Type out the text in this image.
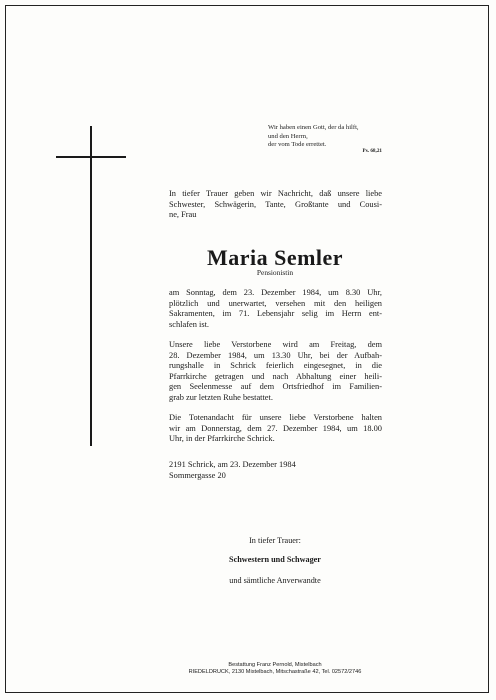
Wir haben einen Gott, der da hilft,
und den Herrn,
der vom Tode errettet.
Ps. 68,21
In tiefer Trauer geben wir Nachricht, daß unsere liebe
Schwester, Schwägerin, Tante, Großtante und Cousi-
ne, Frau
Maria Semler
Pensionistin
am Sonntag, dem 23. Dezember 1984, um 8.30 Uhr,
plötzlich und unerwartet, versehen mit den heiligen
Sakramenten, im 71. Lebensjahr selig im Herrn ent-
schlafen ist.
Unsere liebe Verstorbene wird am Freitag, dem
28. Dezember 1984, um 13.30 Uhr, bei der Aufbah-
rungshalle in Schrick feierlich eingesegnet, in die
Pfarrkirche getragen und nach Abhaltung einer heili-
gen Seelenmesse auf dem Ortsfriedhof im Familien-
grab zur letzten Ruhe bestattet.
Die Totenandacht für unsere liebe Verstorbene halten
wir am Donnerstag, dem 27. Dezember 1984, um 18.00
Uhr, in der Pfarrkirche Schrick.
2191 Schrick, am 23. Dezember 1984
Sommergasse 20
In tiefer Trauer:
Schwestern und Schwager
und sämtliche Anverwandte
Bestattung Franz Pernold, Mistelbach
RIEDELDRUCK, 2130 Mistelbach, Mitschastraße 42, Tel. 02572/2746
